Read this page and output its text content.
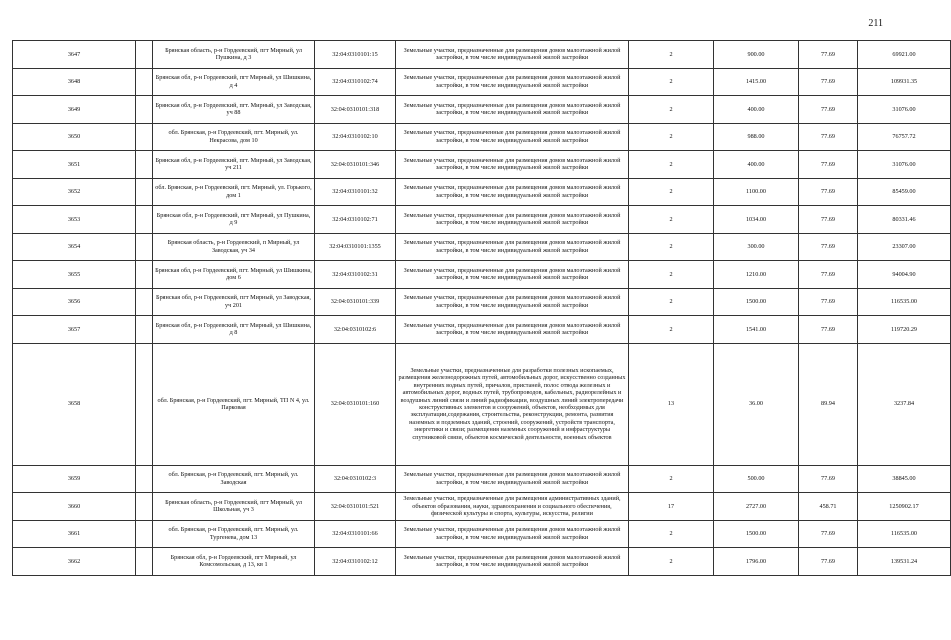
211
3647		Брянская область, р-н Гордеевский, пгт Мирный, ул Пушкина, д 3	32:04:0310101:15	Земельные участки, предназначенные для размещения домов малоэтажной жилой застройки, в том числе индивидуальной жилой застройки	2	900.00	77.69	69921.00
3648		Брянская обл, р-н Гордеевский, пгт Мирный, ул Шишкина, д 4	32:04:0310102:74	Земельные участки, предназначенные для размещения домов малоэтажной жилой застройки, в том числе индивидуальной жилой застройки	2	1415.00	77.69	109931.35
3649		Брянская обл, р-н Гордеевский, пгт. Мирный, ул Заводская, уч 88	32:04:0310101:318	Земельные участки, предназначенные для размещения домов малоэтажной жилой застройки, в том числе индивидуальной жилой застройки	2	400.00	77.69	31076.00
3650		обл. Брянская, р-н Гордеевский, пгт. Мирный, ул. Некрасова, дом 10	32:04:0310102:10	Земельные участки, предназначенные для размещения домов малоэтажной жилой застройки, в том числе индивидуальной жилой застройки	2	988.00	77.69	76757.72
3651		Брянская обл, р-н Гордеевский, пгт. Мирный, ул Заводская, уч 211	32:04:0310101:346	Земельные участки, предназначенные для размещения домов малоэтажной жилой застройки, в том числе индивидуальной жилой застройки	2	400.00	77.69	31076.00
3652		обл. Брянская, р-н Гордеевский, пгт. Мирный, ул. Горького, дом 1	32:04:0310101:32	Земельные участки, предназначенные для размещения домов малоэтажной жилой застройки, в том числе индивидуальной жилой застройки	2	1100.00	77.69	85459.00
3653		Брянская обл, р-н Гордеевский, пгт Мирный, ул Пушкина, д 9	32:04:0310102:71	Земельные участки, предназначенные для размещения домов малоэтажной жилой застройки, в том числе индивидуальной жилой застройки	2	1034.00	77.69	80331.46
3654		Брянская область, р-н Гордеевский, п Мирный, ул Заводская, уч 34	32:04:0310101:1355	Земельные участки, предназначенные для размещения домов малоэтажной жилой застройки, в том числе индивидуальной жилой застройки	2	300.00	77.69	23307.00
3655		Брянская обл, р-н Гордеевский, пгт. Мирный, ул Шишкина, дом 6	32:04:0310102:31	Земельные участки, предназначенные для размещения домов малоэтажной жилой застройки, в том числе индивидуальной жилой застройки	2	1210.00	77.69	94004.90
3656		Брянская обл, р-н Гордеевский, пгт Мирный, ул Заводская, уч 201	32:04:0310101:339	Земельные участки, предназначенные для размещения домов малоэтажной жилой застройки, в том числе индивидуальной жилой застройки	2	1500.00	77.69	116535.00
3657		Брянская обл, р-н Гордеевский, пгт Мирный, ул Шишкина, д 8	32:04:0310102:6	Земельные участки, предназначенные для размещения домов малоэтажной жилой застройки, в том числе индивидуальной жилой застройки	2	1541.00	77.69	119720.29
3658		обл. Брянская, р-н Гордеевский, пгт. Мирный, ТП N 4, ул. Парковая	32:04:0310101:160	Земельные участки, предназначенные для разработки полезных ископаемых, размещения железнодорожных путей, автомобильных дорог, искусственно созданных внутренних водных путей, причалов, пристаней, полос отвода железных и автомобильных дорог, водных путей, трубопроводов, кабельных, радиорелейных и воздушных линий связи и линий радиофикации, воздушных линий электропередачи конструктивных элементов и сооружений, объектов, необходимых для эксплуатации,содержания, строительства, реконструкции, ремонта, развития наземных и подземных зданий, строений, сооружений, устройств транспорта, энергетики и связи; размещения наземных сооружений и инфраструктуры спутниковой связи, объектов космической деятельности, военных объектов	13	36.00	89.94	3237.84
3659		обл. Брянская, р-н Гордеевский, пгт. Мирный, ул. Заводская	32:04:0310102:3	Земельные участки, предназначенные для размещения домов малоэтажной жилой застройки, в том числе индивидуальной жилой застройки	2	500.00	77.69	38845.00
3660		Брянская область, р-н Гордеевский, пгт Мирный, ул Школьная, уч 3	32:04:0310101:521	Земельные участки, предназначенные для размещения административных зданий, объектов образования, науки, здравоохранения и социального обеспечения, физической культуры и спорта, культуры, искусства, религии	17	2727.00	458.71	1250902.17
3661		обл. Брянская, р-н Гордеевский, пгт. Мирный, ул. Тургенева, дом 13	32:04:0310101:66	Земельные участки, предназначенные для размещения домов малоэтажной жилой застройки, в том числе индивидуальной жилой застройки	2	1500.00	77.69	116535.00
3662		Брянская обл, р-н Гордеевский, пгт Мирный, ул Комсомольская, д 13, кв 1	32:04:0310102:12	Земельные участки, предназначенные для размещения домов малоэтажной жилой застройки, в том числе индивидуальной жилой застройки	2	1796.00	77.69	139531.24
